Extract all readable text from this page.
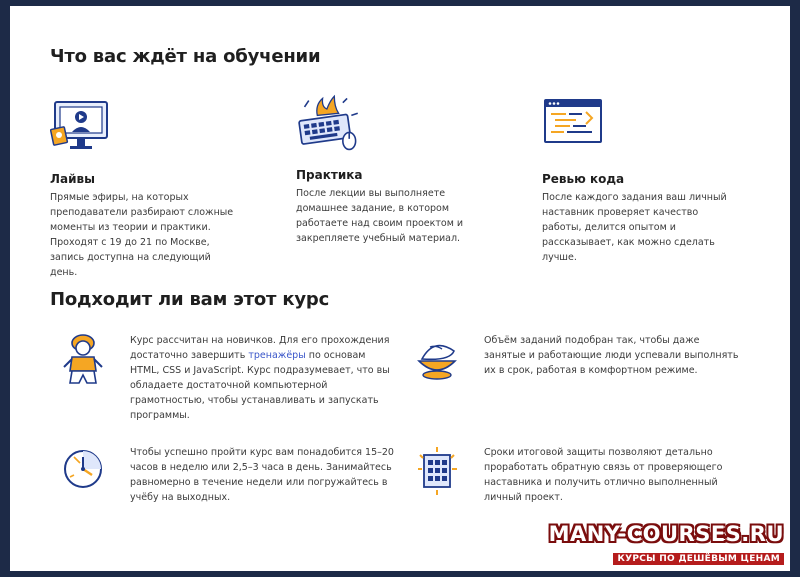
Что вас ждёт на обучении
Лайвы

Прямые эфиры, на которых преподаватели разбирают сложные моменты из теории и практики. Проходят с 19 до 21 по Москве, запись доступна на следующий день.

Практика

После лекции вы выполняете домашнее задание, в котором работаете над своим проектом и закрепляете учебный материал.

Ревью кода

После каждого задания ваш личный наставник проверяет качество работы, делится опытом и рассказывает, как можно сделать лучше.

Подходит ли вам этот курс

Курс рассчитан на новичков. Для его прохождения достаточно завершить тренажёры по основам HTML, CSS и JavaScript. Курс подразумевает, что вы обладаете достаточной компьютерной грамотностью, чтобы устанавливать и запускать программы.

Объём заданий подобран так, чтобы даже занятые и работающие люди успевали выполнять их в срок, работая в комфортном режиме.

Чтобы успешно пройти курс вам понадобится 15–20 часов в неделю или 2,5–3 часа в день. Занимайтесь равномерно в течение недели или погружайтесь в учёбу на выходных.

Сроки итоговой защиты позволяют детально проработать обратную связь от проверяющего наставника и получить отлично выполненный личный проект.

MANY-COURSES.RU
КУРСЫ ПО ДЕШЁВЫМ ЦЕНАМ
